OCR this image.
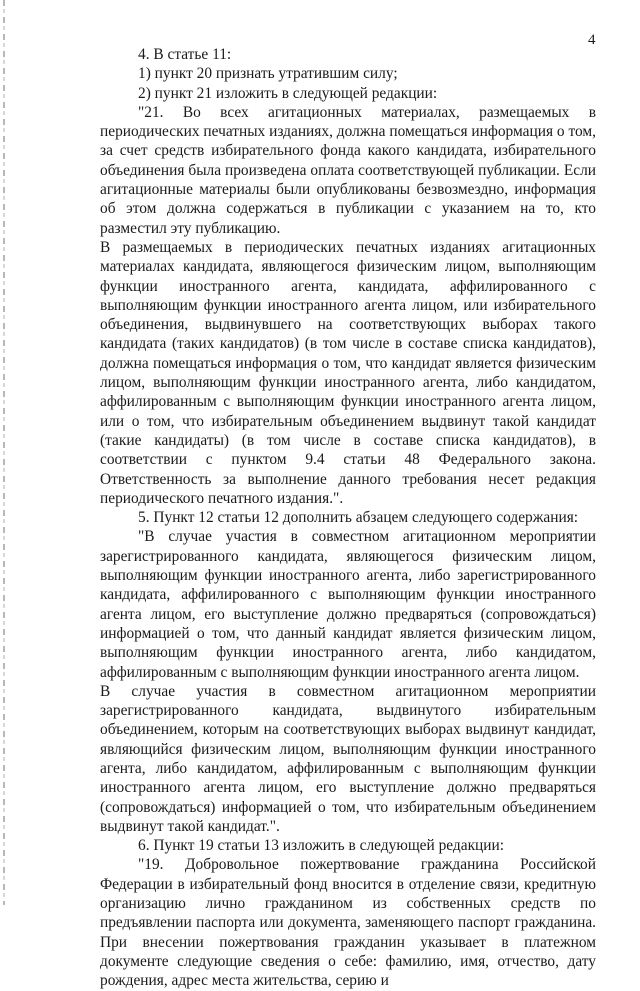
4

4. В статье 11:

1) пункт 20 признать утратившим силу;

2) пункт 21 изложить в следующей редакции:

"21. Во всех агитационных материалах, размещаемых в периодических печатных изданиях, должна помещаться информация о том, за счет средств избирательного фонда какого кандидата, избирательного объединения была произведена оплата соответствующей публикации. Если агитационные материалы были опубликованы безвозмездно, информация об этом должна содержаться в публикации с указанием на то, кто разместил эту публикацию.

В размещаемых в периодических печатных изданиях агитационных материалах кандидата, являющегося физическим лицом, выполняющим функции иностранного агента, кандидата, аффилированного с выполняющим функции иностранного агента лицом, или избирательного объединения, выдвинувшего на соответствующих выборах такого кандидата (таких кандидатов) (в том числе в составе списка кандидатов), должна помещаться информация о том, что кандидат является физическим лицом, выполняющим функции иностранного агента, либо кандидатом, аффилированным с выполняющим функции иностранного агента лицом, или о том, что избирательным объединением выдвинут такой кандидат (такие кандидаты) (в том числе в составе списка кандидатов), в соответствии с пунктом 9.4 статьи 48 Федерального закона. Ответственность за выполнение данного требования несет редакция периодического печатного издания.".

5. Пункт 12 статьи 12 дополнить абзацем следующего содержания:

"В случае участия в совместном агитационном мероприятии зарегистрированного кандидата, являющегося физическим лицом, выполняющим функции иностранного агента, либо зарегистрированного кандидата, аффилированного с выполняющим функции иностранного агента лицом, его выступление должно предваряться (сопровождаться) информацией о том, что данный кандидат является физическим лицом, выполняющим функции иностранного агента, либо кандидатом, аффилированным с выполняющим функции иностранного агента лицом.

В случае участия в совместном агитационном мероприятии зарегистрированного кандидата, выдвинутого избирательным объединением, которым на соответствующих выборах выдвинут кандидат, являющийся физическим лицом, выполняющим функции иностранного агента, либо кандидатом, аффилированным с выполняющим функции иностранного агента лицом, его выступление должно предваряться (сопровождаться) информацией о том, что избирательным объединением выдвинут такой кандидат.".

6. Пункт 19 статьи 13 изложить в следующей редакции:

"19. Добровольное пожертвование гражданина Российской Федерации в избирательный фонд вносится в отделение связи, кредитную организацию лично гражданином из собственных средств по предъявлении паспорта или документа, заменяющего паспорт гражданина. При внесении пожертвования гражданин указывает в платежном документе следующие сведения о себе: фамилию, имя, отчество, дату рождения, адрес места жительства, серию и
